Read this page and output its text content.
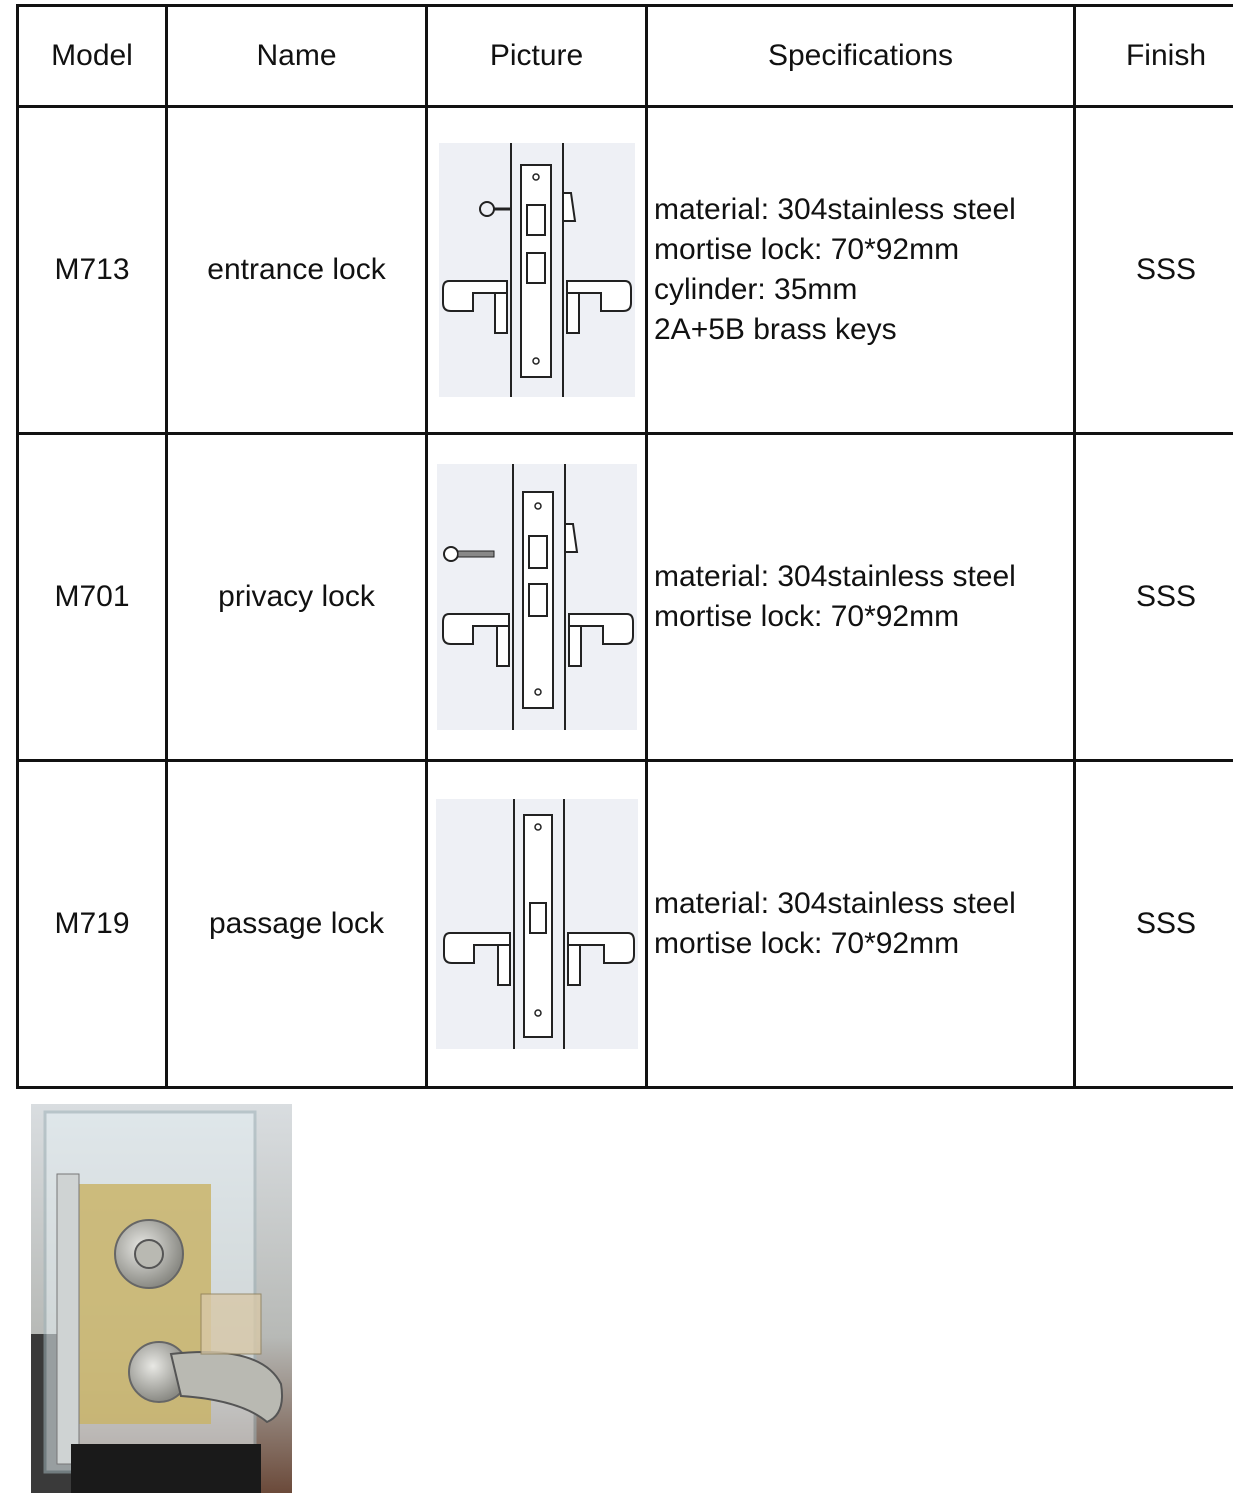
Model	Name	Picture	Specifications	Finish
M713	entrance lock		material: 304stainless steel
mortise lock: 70*92mm
cylinder: 35mm
2A+5B brass keys	SSS
M701	privacy lock		material: 304stainless steel
mortise lock: 70*92mm	SSS
M719	passage lock		material: 304stainless steel
mortise lock: 70*92mm	SSS
